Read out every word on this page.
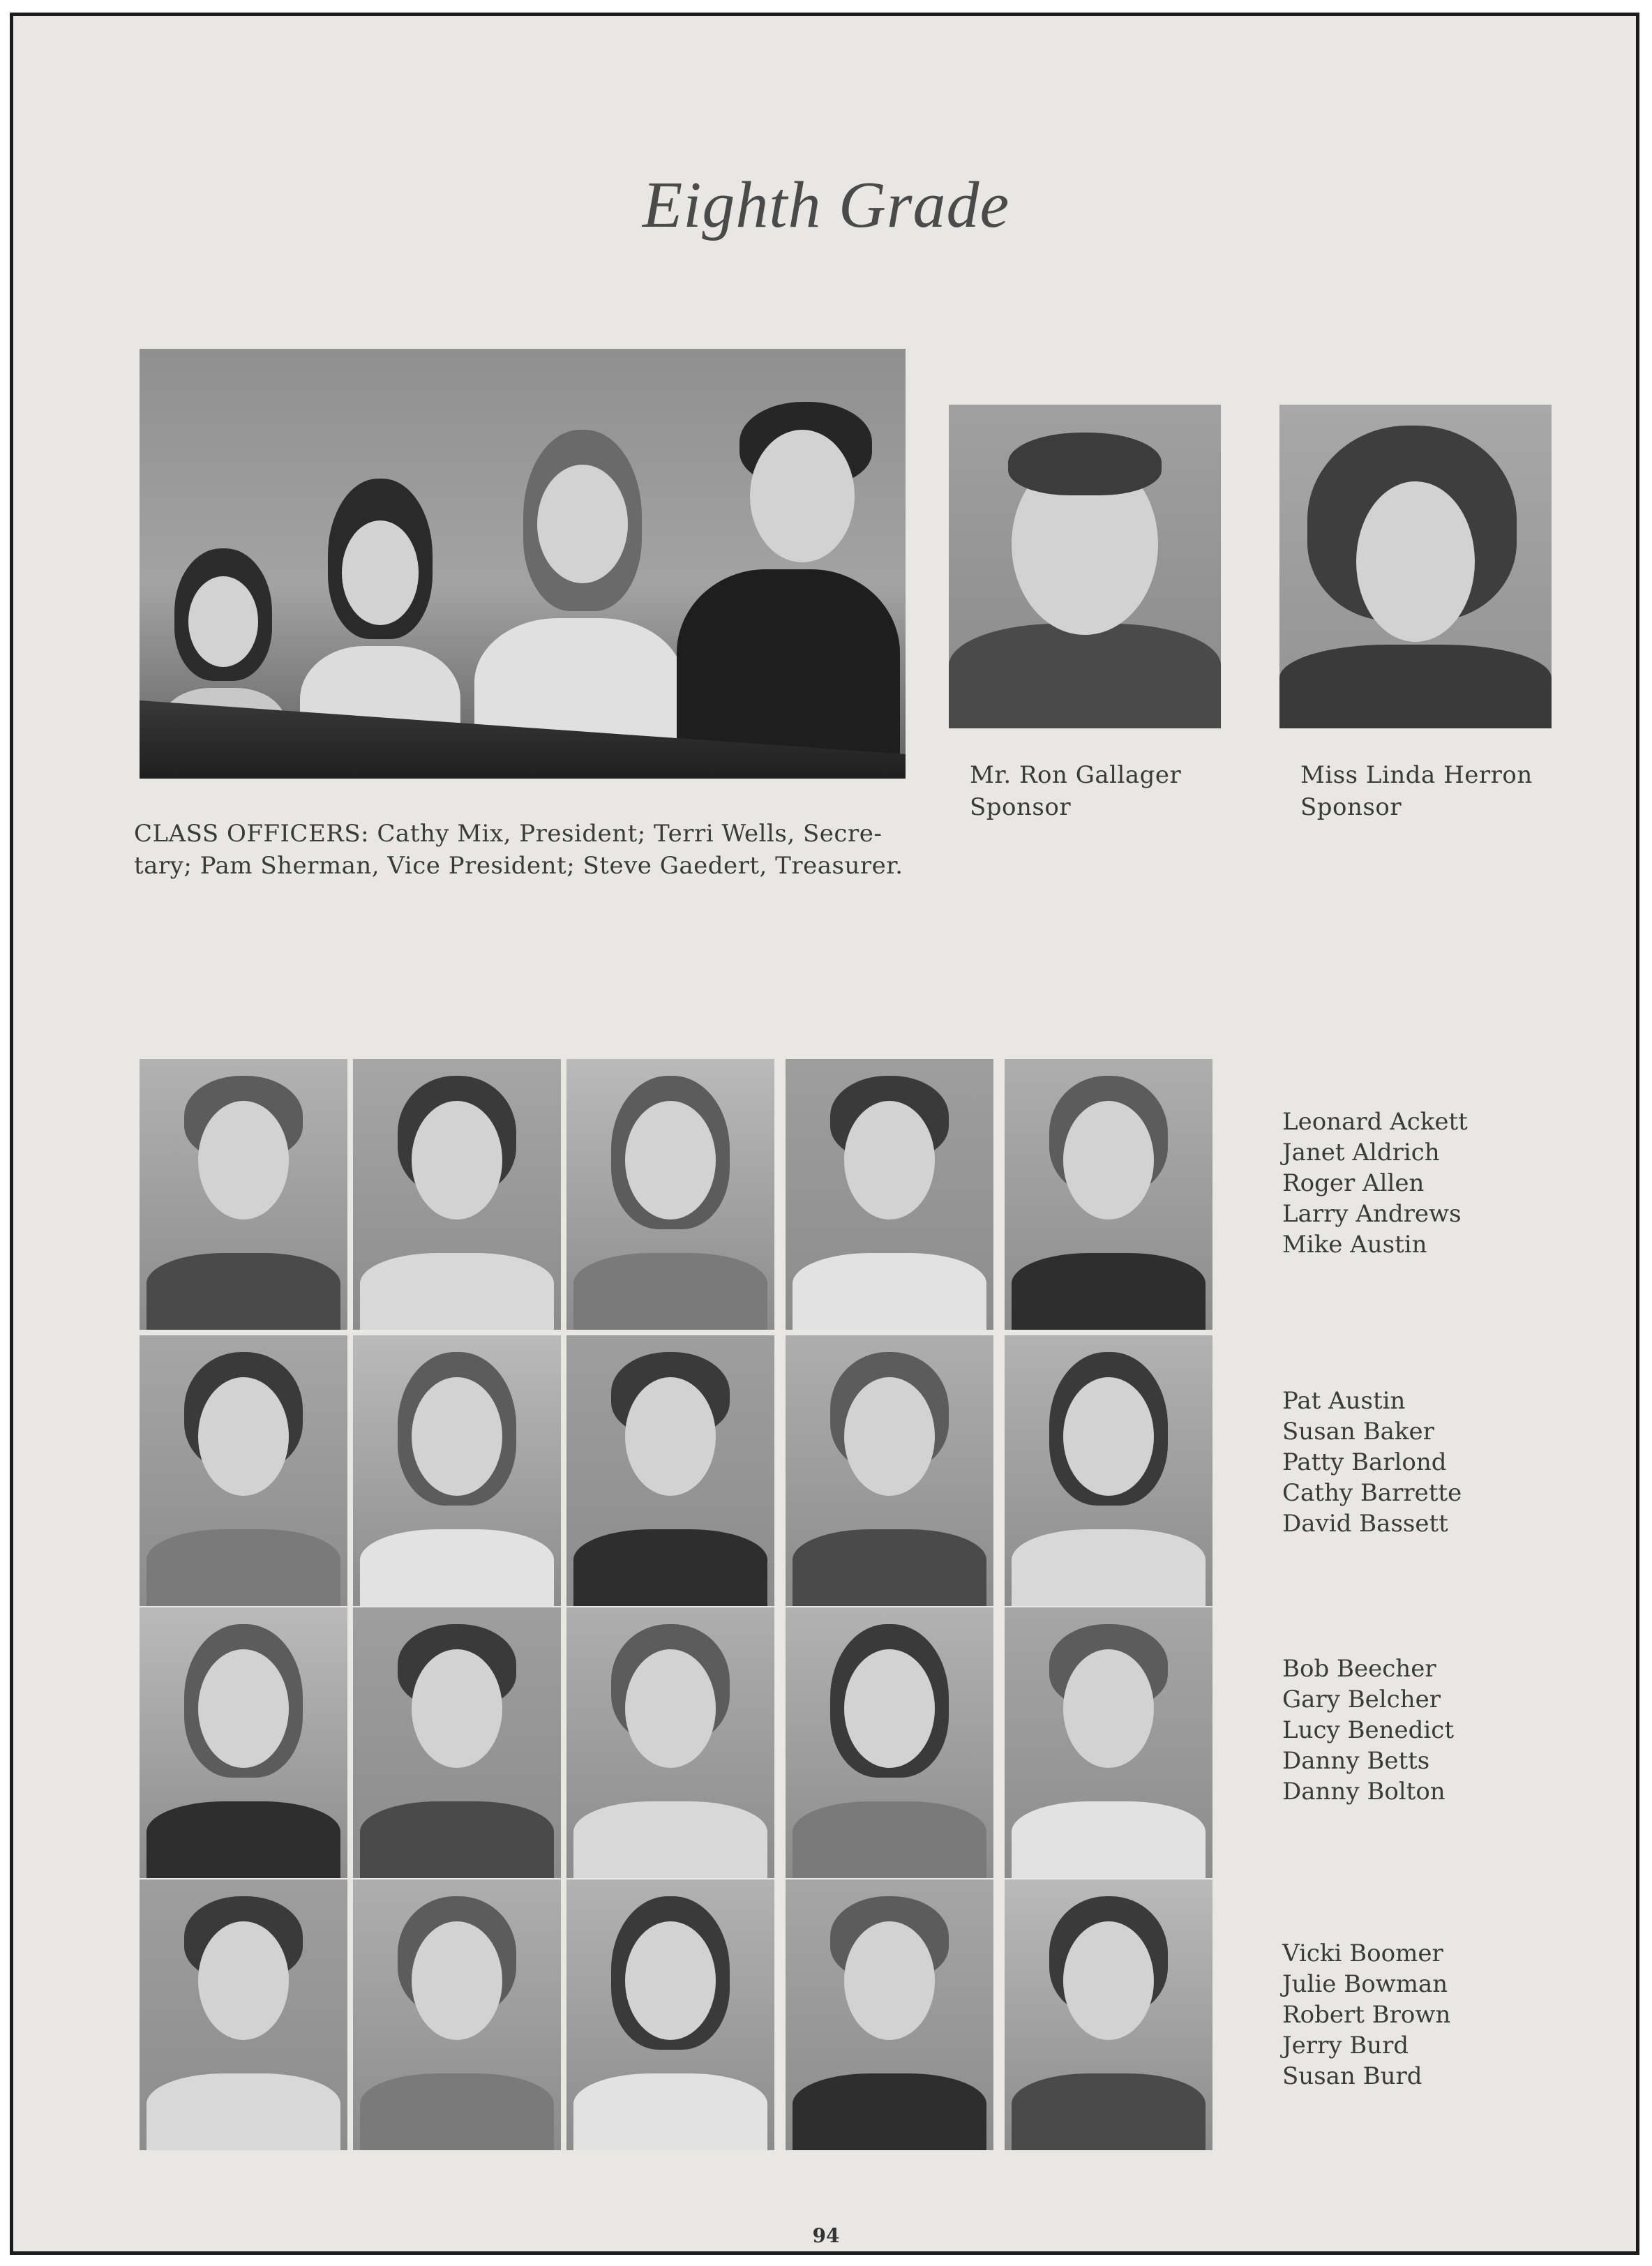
Eighth Grade
CLASS OFFICERS: Cathy Mix, President; Terri Wells, Secre-
tary; Pam Sherman, Vice President; Steve Gaedert, Treasurer.
Mr. Ron Gallager
Sponsor
Miss Linda Herron
Sponsor
Leonard Ackett
Janet Aldrich
Roger Allen
Larry Andrews
Mike Austin
Pat Austin
Susan Baker
Patty Barlond
Cathy Barrette
David Bassett
Bob Beecher
Gary Belcher
Lucy Benedict
Danny Betts
Danny Bolton
Vicki Boomer
Julie Bowman
Robert Brown
Jerry Burd
Susan Burd
94
